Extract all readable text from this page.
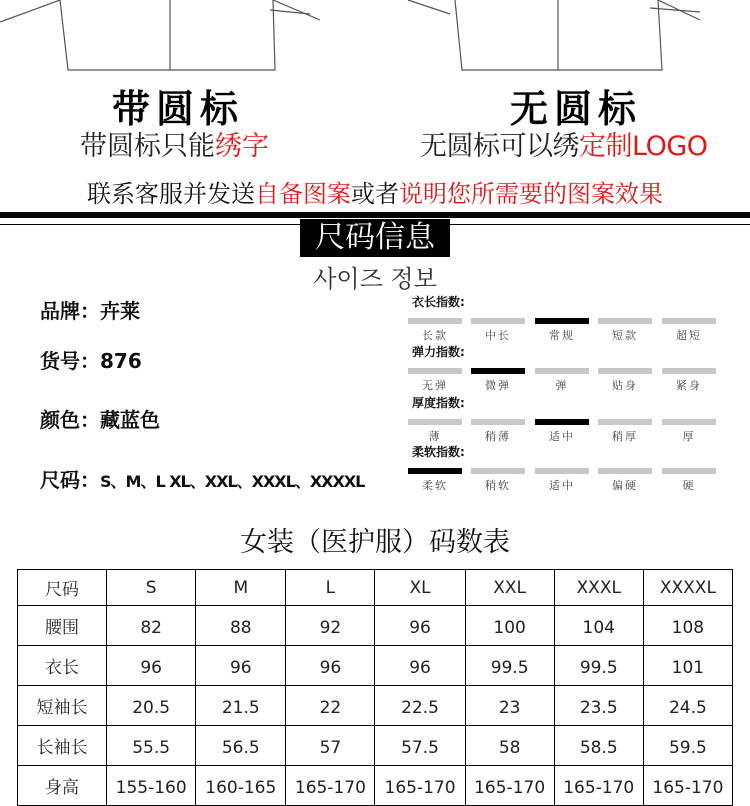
带圆标
带圆标只能绣字
无圆标
无圆标可以绣定制LOGO
联系客服并发送自备图案或者说明您所需要的图案效果
尺码信息
사이즈 정보
品牌：卉莱
货号：876
颜色：藏蓝色
尺码：S、M、L XL、XXL、XXXL、XXXXL
衣长指数:
长款	中长	常规	短款	超短
弹力指数:
无弹	微弹	弹	贴身	紧身
厚度指数:
薄	稍薄	适中	稍厚	厚
柔软指数:
柔软	稍软	适中	偏硬	硬
女装（医护服）码数表
尺码	S	M	L	XL	XXL	XXXL	XXXXL
腰围	82	88	92	96	100	104	108
衣长	96	96	96	96	99.5	99.5	101
短袖长	20.5	21.5	22	22.5	23	23.5	24.5
长袖长	55.5	56.5	57	57.5	58	58.5	59.5
身高	155-160	160-165	165-170	165-170	165-170	165-170	165-170
